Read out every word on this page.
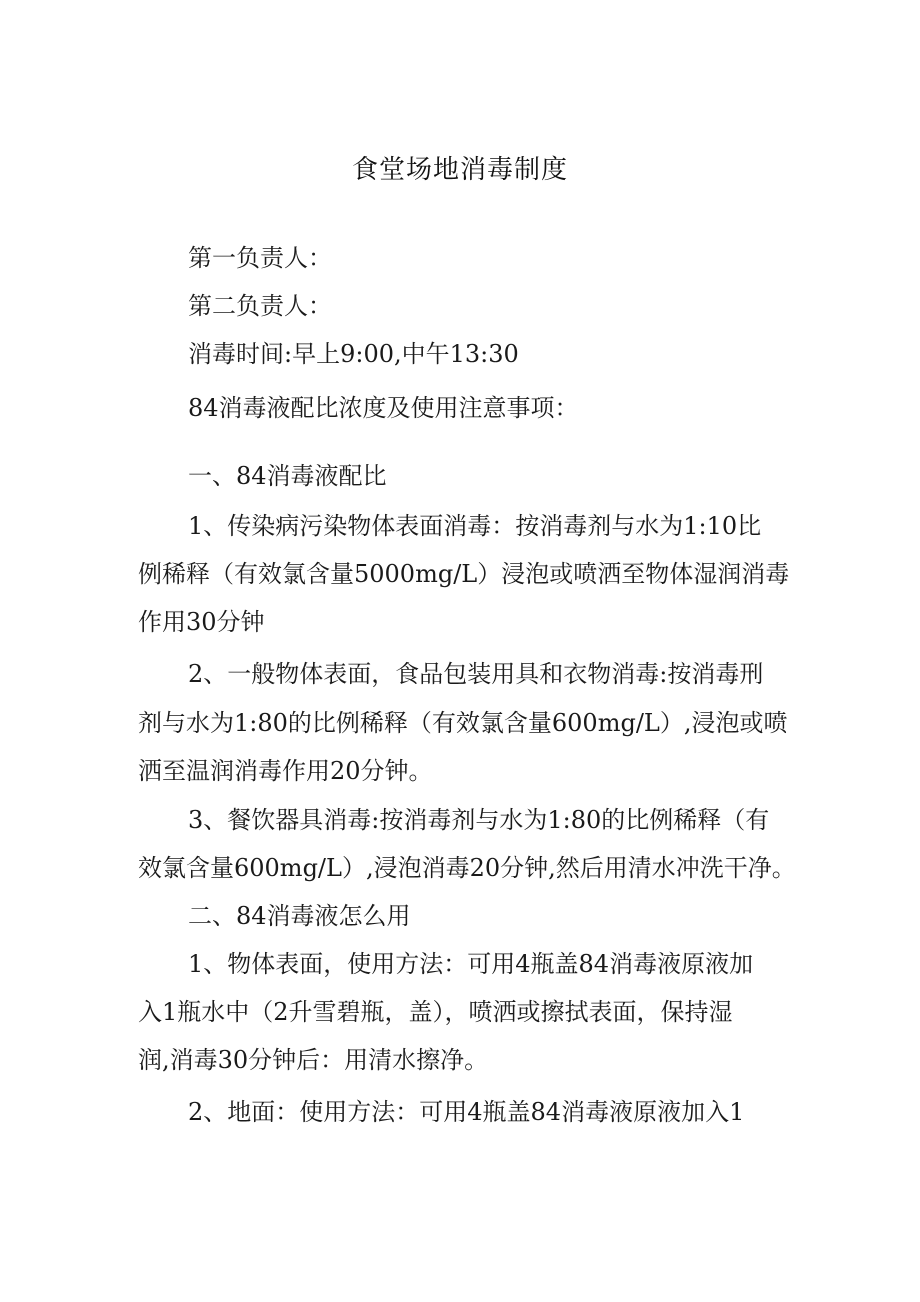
食堂场地消毒制度
第一负责人：
第二负责人：
消毒时间:早上9:00,中午13:30
84消毒液配比浓度及使用注意事项：
一、84消毒液配比
1、传染病污染物体表面消毒：按消毒剂与水为1:10比
例稀释（有效氯含量5000mg/L）浸泡或喷洒至物体湿润消毒
作用30分钟
2、一般物体表面，食品包装用具和衣物消毒:按消毒刑
剂与水为1:80的比例稀释（有效氯含量600mg/L）,浸泡或喷
洒至温润消毒作用20分钟。
3、餐饮器具消毒:按消毒剂与水为1:80的比例稀释（有
效氯含量600mg/L）,浸泡消毒20分钟,然后用清水冲洗干净。
二、84消毒液怎么用
1、物体表面，使用方法：可用4瓶盖84消毒液原液加
入1瓶水中（2升雪碧瓶，盖），喷洒或擦拭表面，保持湿
润,消毒30分钟后：用清水擦净。
2、地面：使用方法：可用4瓶盖84消毒液原液加入1
